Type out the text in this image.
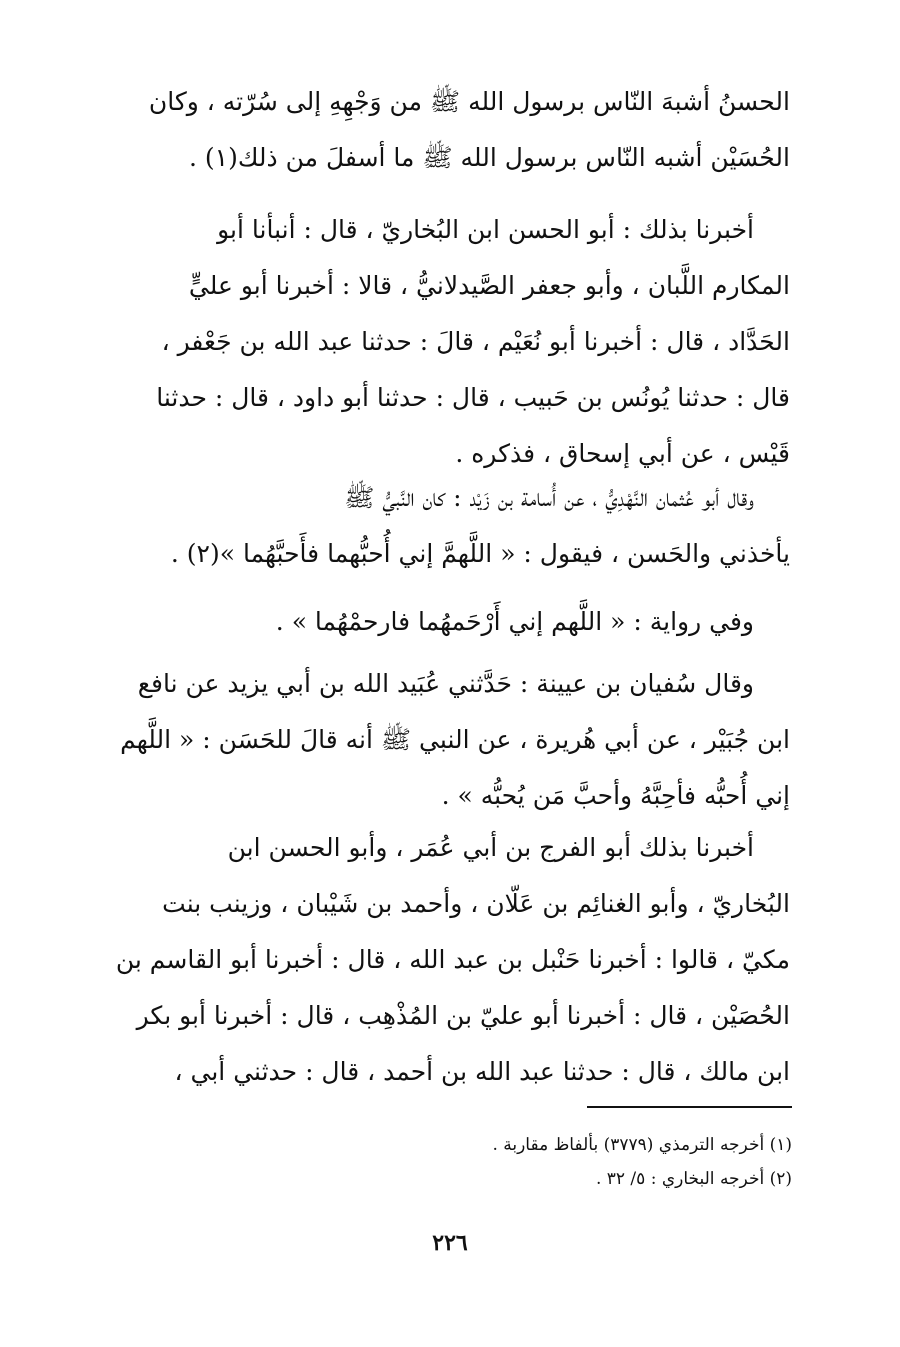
الحسنُ أشبهَ النّاس برسول الله ﷺ من وَجْهِهِ إلى سُرّته ، وكان

الحُسَيْن أشبه النّاس برسول الله ﷺ ما أسفلَ من ذلك(١) .

أخبرنا بذلك : أبو الحسن ابن البُخاريّ ، قال : أنبأنا أبو

المكارم اللَّبان ، وأبو جعفر الصَّيدلانيُّ ، قالا : أخبرنا أبو عليٍّ

الحَدَّاد ، قال : أخبرنا أبو نُعَيْم ، قالَ : حدثنا عبد الله بن جَعْفر ،

قال : حدثنا يُونُس بن حَبيب ، قال : حدثنا أبو داود ، قال : حدثنا

قَيْس ، عن أبي إسحاق ، فذكره .

وقال أبو عُثمان النَّهْدِيُّ ، عن أُسامة بن زَيْد : كان النَّبيُّ ﷺ

يأخذني والحَسن ، فيقول : « اللَّهمَّ إني أُحبُّهما فأَحبَّهُما »(٢) .

وفي رواية : « اللَّهم إني أَرْحَمهُما فارحمْهُما » .

وقال سُفيان بن عيينة : حَدَّثني عُبَيد الله بن أبي يزيد عن نافع

ابن جُبَيْر ، عن أبي هُريرة ، عن النبي ﷺ أنه قالَ للحَسَن : « اللَّهم

إني أُحبُّه فأحِبَّهُ وأحبَّ مَن يُحبُّه » .

أخبرنا بذلك أبو الفرج بن أبي عُمَر ، وأبو الحسن ابن

البُخاريّ ، وأبو الغنائِم بن عَلّان ، وأحمد بن شَيْبان ، وزينب بنت

مكيّ ، قالوا : أخبرنا حَنْبل بن عبد الله ، قال : أخبرنا أبو القاسم بن

الحُصَيْن ، قال : أخبرنا أبو عليّ بن المُذْهِب ، قال : أخبرنا أبو بكر

ابن مالك ، قال : حدثنا عبد الله بن أحمد ، قال : حدثني أبي ،

(١) أخرجه الترمذي (٣٧٧٩) بألفاظ مقاربة .

(٢) أخرجه البخاري : ٥/ ٣٢ .

٢٢٦
